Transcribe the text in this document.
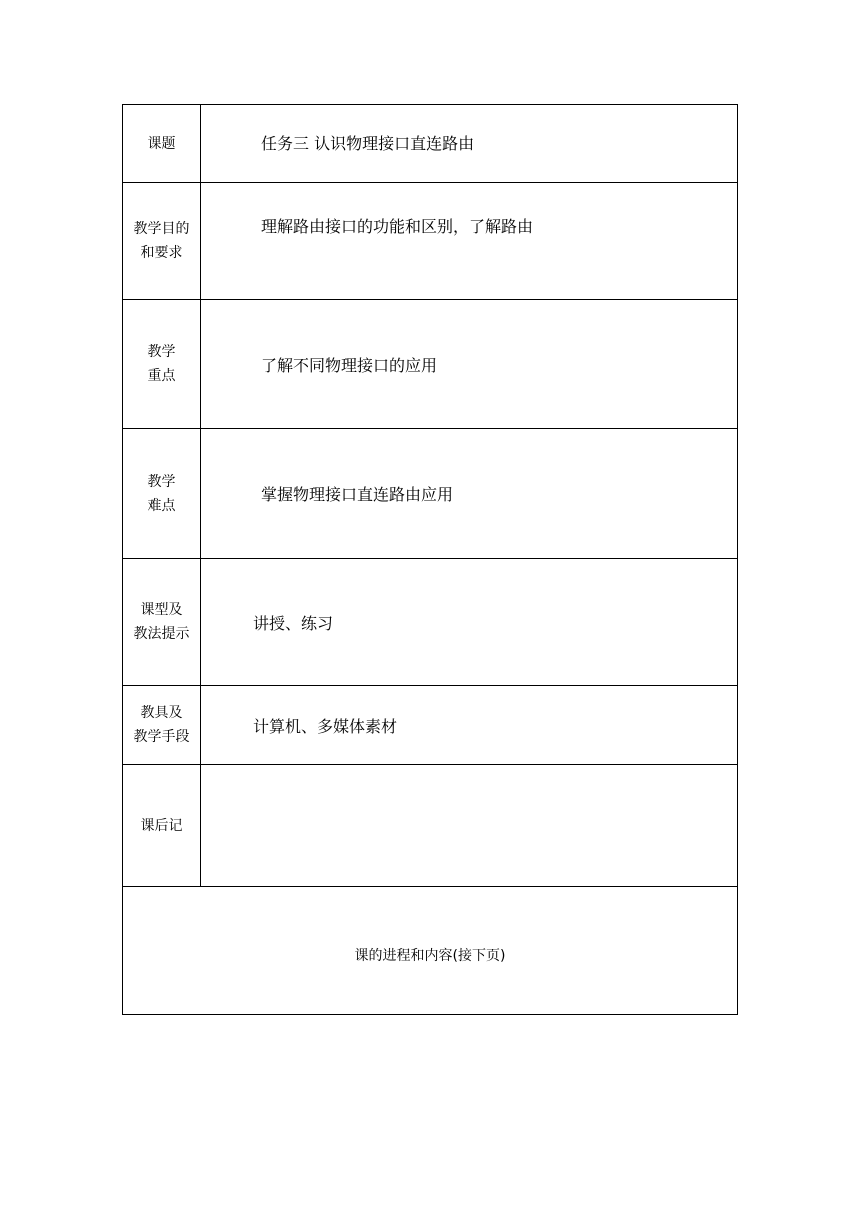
课题	任务三 认识物理接口直连路由

教学目的
和要求	理解路由接口的功能和区别，了解路由

教学
重点	了解不同物理接口的应用

教学
难点	掌握物理接口直连路由应用

课型及
教法提示	讲授、练习

教具及
教学手段	计算机、多媒体素材

课后记	

课的进程和内容(接下页)	
